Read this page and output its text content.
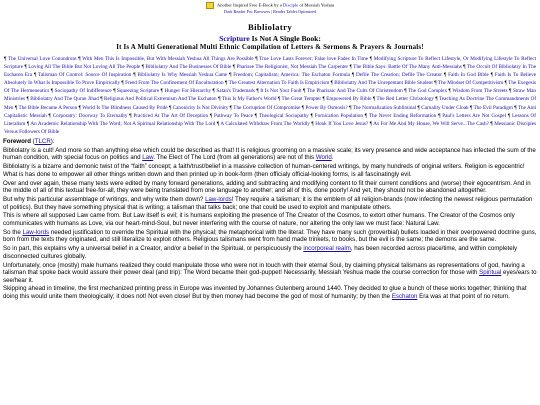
Another Inspired Free E-Book by a Disciple of Messiah Yeshua
Dark Reader For Browsers | Reader Tablet Optimized
Bibliolatry
Scripture Is Not A Single Book:
It Is A Multi Generational Multi Ethnic Compilation of Letters & Sermons & Prayers & Journals!
¶ The Universal Love Conundrum ¶ With Men This Is Impossible, But With Messiah Yeshua All Things Are Possible ¶ True Love Lasts Forever; False love Fades In Time ¶ Modifying Scripture To Reflect Lifestyle, Or Modifying Lifestyle To Reflect Scripture ¶ Loving All The Bible But Not Loving All The People ¶ Bibliolatry And The Businesses Of Bible ¶ Pharisee The Religionist, Not Messiah The Carpenter ¶ The Bible Says: Battle Of The Many Anti-Messiahs ¶ The Occult Of Bibliolatry In The Eschaton Era ¶ Talisman Of Control: Source Of Inspiration ¶ Bibliolatry Is Why Messiah Yeshua Came ¶ Freedom; Capitalism; America: The Eschaton Formula ¶ Defile The Creation; Defile The Creator ¶ Faith In God Bible ¶ Faith Is To Believe Absolutely In What Is Impossible To Prove Empirically ¶ Freed From The Confinement Of Enculturation ¶ The Greatest Alternation To Faith Is Empiricism ¶ Bibliolatry And The Unrepentant Bible Student ¶ The Mindset Of Competitivism ¶ The Exegesis Of The Hermeneutics ¶ Sociopathy Of Indifference ¶ Squeezing Scripture ¶ Hunger For Hierarchy ¶ Satan's Trademark ¶ It Is Not Your Fault ¶ The Pharisaic And The Cults Of Christendom ¶ The God Complex ¶ Wisdom From The Streets ¶ Straw Man Ministries ¶ Bibliolatry And The Quran Jihad ¶ Religious And Political Extremism And The Eschaton ¶ This Is My Father's World ¶ The Great Tempter ¶ Empowered By Bible ¶ The Red Letter Christology ¶ Teaching As Doctrine The Commandments Of Men ¶ The Bible Became A Person ¶ World Is The Blindness Caused By Pride ¶ Canonicity Is Not Divinity ¶ The Corruption Of Compromise ¶ Power By Osmosis? ¶ The Normalization Subliminal ¶ Carnality Under Cloak ¶ The Evil Paradigm ¶ The Anti Capitalistic Messiah ¶ Corporatry: Doorway To Eternality ¶ Practiced At The Art Of Deception ¶ Pathway To Peace ¶ Theological Sociopathy ¶ Fornication Population ¶ The Never Ending Reformation ¶ Paul's Letters Are Not Gospel ¶ Lessons Of Literalism ¶ An Academic Relationship With The Word; Not A Spiritual Relationship With The Lord ¶ A Calculated Withdraw From The Worldly ¶ Honk If You Love Jesus? ¶ As For Me And My House, We Will Serve...The Cash? ¶ Messianic Disciples Versus Followers Of Bible

Foreword (TLCR):

Bibliolatry is a cult! And more so than anything else which could be described as that! It is religious grooming on a massive scale; its very presence and wide acceptance has infected the sum of the human condition, with special focus on politics and Law. The Elect of The Lord (from all generations) are not of this World.

Bibliolatry is a bizarre and demonic twist of the “faith” concept; a faith/trust/belief in a massive collection of human-centered writings, by many hundreds of original writers. Religion is egocentric! What is has done to empower all other things written down and then printed up in book-form (then officialy official-looking forms, is all fascinatingly evil.

Over and over again, these many texts were edited by many forward generations, adding and subtracting and modifying content to fit their current conditions and (worse) their egocentrism. And in the middle of all of this textual free-for-all, they were being translated from one language to another; and all of this, done poorly! And yet, they should not be abandoned altogether.

But why this particular assemblage of writings, and why write them down? Law-lords! They require a talisman; it is the emblem of all religion-brands (now infecting the newest religious permutation of politics). But they have something physical that is writing; a talisman that talks back; one that could be used to exploit and manipulate others.

This is where all supposed Law came from. But Law itself is evil; it is humans exploiting the presence of The Creator of the Cosmos, to extort other humans. The Creator of the Cosmos only communicates with humans as Love, via our heart-mind-Soul, but never interfering with the course of nature, nor altering the only law we must face: Natural Law.

So the Law-lords needed justification to override the Spiritual with the physical; the metaphorical with the literal: They have many such (proverbial) bullets loaded in their overpowered doctrine guns, born from the texts they originated, and still literalize to exploit others. Religious talismans went from hand made trinkets, to books, but the evil is the same; the demons are the same.

So in part, this explains why a universal belief in a Creator, and/or a belief in the Spiritual, or perspicuously the incorporeal realm, has been recorded across place/time, and within completely disconnected cultures globally.

Unfortunately, once (mostly) male humans realized they could manipulate those who were not in touch with their eternal Soul, by claiming physical talismans as representations of god, having a talisman that spoke back would assure their power deal (and trip): The Word became their god-puppet! Necessarily, Messiah Yeshua made the course correction for those with Spiritual eyes/ears to see/hear it.

Skipping ahead in timeline, the first mechanized printing press in Europe was invented by Johannes Gutenberg around 1440. They decided to glue a bunch of these works together; thinking that doing this would unite them theologically; it does not! Not even close! But by then money had become the god of most of humanity; by then the Eschaton Era was at that point of no return.
